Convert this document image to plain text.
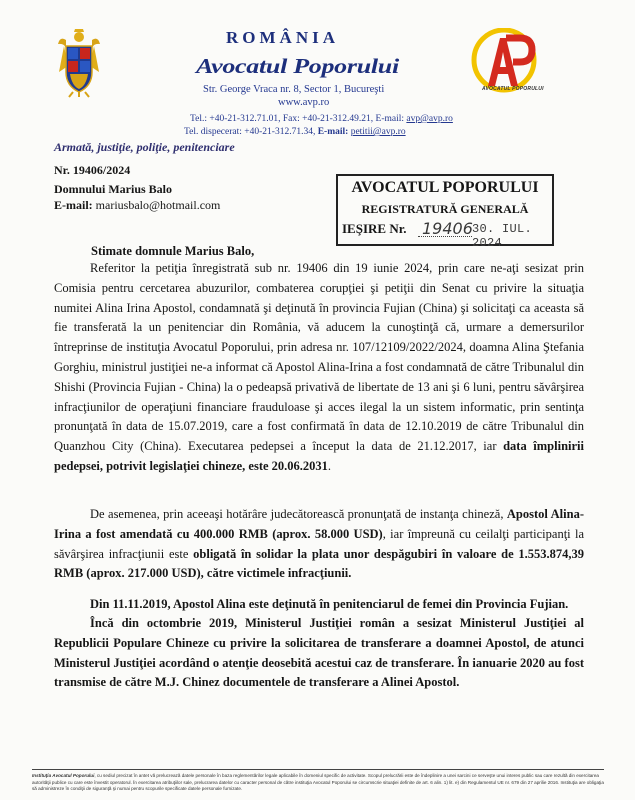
ROMÂNIA
Avocatul Poporului
Str. George Vraca nr. 8, Sector 1, Bucureşti
www.avp.ro
Tel.: +40-21-312.71.01, Fax: +40-21-312.49.21, E-mail: avp@avp.ro
Tel. dispecerat: +40-21-312.71.34, E-mail: petitii@avp.ro
AVOCATUL POPORULUI
Armată, justiţie, poliţie, penitenciare
Nr. 19406/2024
Domnului Marius Balo
E-mail: mariusbalo@hotmail.com
AVOCATUL POPORULUI
REGISTRATURĂ GENERALĂ
IEŞIRE Nr. 19406 30. IUL. 2024
Stimate domnule Marius Balo,
Referitor la petiţia înregistrată sub nr. 19406 din 19 iunie 2024, prin care ne-aţi sesizat prin Comisia pentru cercetarea abuzurilor, combaterea corupţiei şi petiţii din Senat cu privire la situaţia numitei Alina Irina Apostol, condamnată şi deţinută în provincia Fujian (China) şi solicitaţi ca aceasta să fie transferată la un penitenciar din România, vă aducem la cunoştinţă că, urmare a demersurilor întreprinse de instituţia Avocatul Poporului, prin adresa nr. 107/12109/2022/2024, doamna Alina Ştefania Gorghiu, ministrul justiţiei ne-a informat că Apostol Alina-Irina a fost condamnată de către Tribunalul din Shishi (Provincia Fujian - China) la o pedeapsă privativă de libertate de 13 ani şi 6 luni, pentru săvârşirea infracţiunilor de operaţiuni financiare frauduloase şi acces ilegal la un sistem informatic, prin sentinţa pronunţată în data de 15.07.2019, care a fost confirmată în data de 12.10.2019 de către Tribunalul din Quanzhou City (China). Executarea pedepsei a început la data de 21.12.2017, iar data împlinirii pedepsei, potrivit legislaţiei chineze, este 20.06.2031.
De asemenea, prin aceeaşi hotărâre judecătorească pronunţată de instanţa chineză, Apostol Alina-Irina a fost amendată cu 400.000 RMB (aprox. 58.000 USD), iar împreună cu ceilalţi participanţi la săvârşirea infracţiunii este obligată în solidar la plata unor despăgubiri în valoare de 1.553.874,39 RMB (aprox. 217.000 USD), către victimele infracţiunii.
Din 11.11.2019, Apostol Alina este deţinută în penitenciarul de femei din Provincia Fujian.
Încă din octombrie 2019, Ministerul Justiţiei român a sesizat Ministerul Justiţiei al Republicii Populare Chineze cu privire la solicitarea de transferare a doamnei Apostol, de atunci Ministerul Justiţiei acordând o atenţie deosebită acestui caz de transferare. În ianuarie 2020 au fost transmise de către M.J. Chinez documentele de transferare a Alinei Apostol.
Instituţia Avocatul Poporului, cu sediul precizat în antet vă prelucrează datele personale în baza reglementărilor legale aplicabile în domeniul specific de activitate. Scopul prelucrării este de îndeplinire a unei sarcini ce serveşte unui interes public sau care rezultă din exercitarea autorităţii publice cu care este învestit operatorul. În exercitarea atribuţiilor sale, prelucrarea datelor cu caracter personal de către instituţia Avocatul Poporului se circumscrie situaţiei definite de art. 6 alin. 1) lit. e) din Regulamentul UE nr. 679 din 27 aprilie 2016. Instituţia are obligaţia să administreze în condiţii de siguranţă şi numai pentru scopurile specificate datele personale furnizate.
